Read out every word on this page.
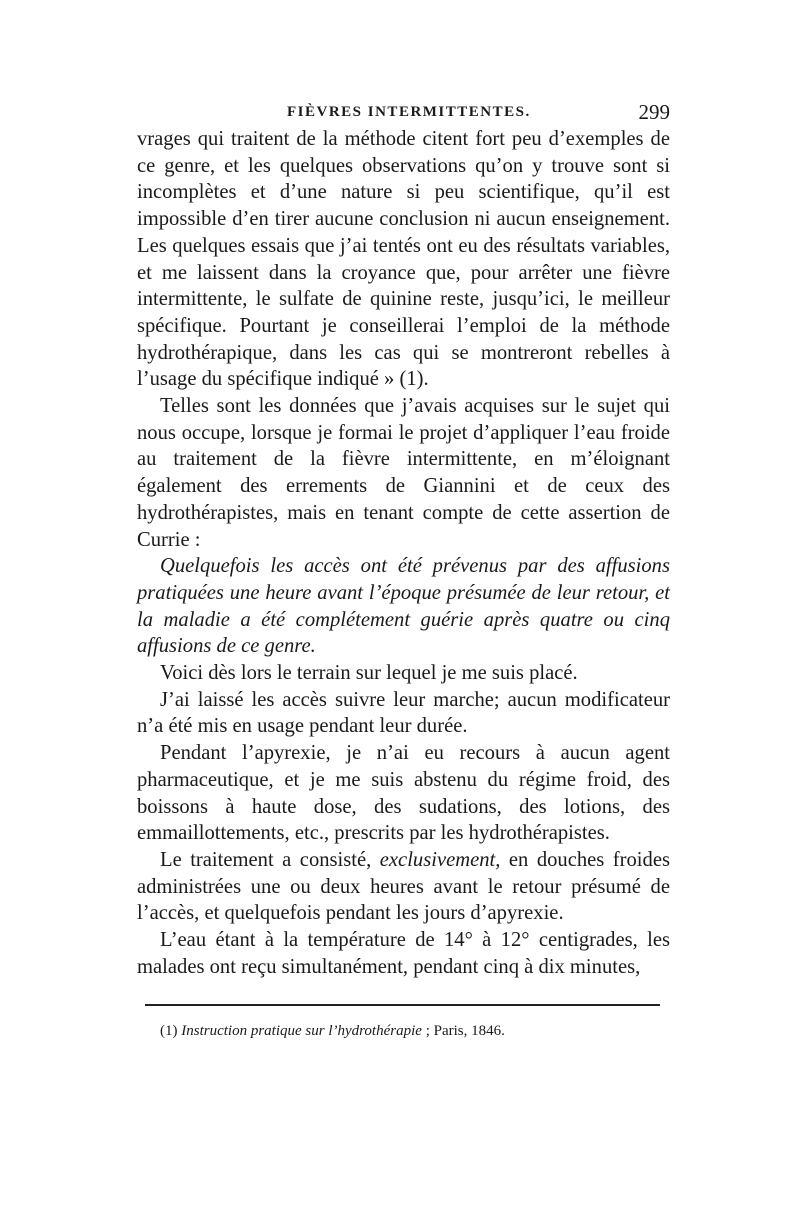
FIÈVRES INTERMITTENTES.	299

vrages qui traitent de la méthode citent fort peu d’exemples de ce genre, et les quelques observations qu’on y trouve sont si incomplètes et d’une nature si peu scientifique, qu’il est impossible d’en tirer aucune conclusion ni aucun enseignement. Les quelques essais que j’ai tentés ont eu des résultats variables, et me laissent dans la croyance que, pour arrêter une fièvre intermittente, le sulfate de quinine reste, jusqu’ici, le meilleur spécifique. Pourtant je conseillerai l’emploi de la méthode hydrothérapique, dans les cas qui se montreront rebelles à l’usage du spécifique indiqué » (1).

Telles sont les données que j’avais acquises sur le sujet qui nous occupe, lorsque je formai le projet d’appliquer l’eau froide au traitement de la fièvre intermittente, en m’éloignant également des errements de Giannini et de ceux des hydrothérapistes, mais en tenant compte de cette assertion de Currie :

Quelquefois les accès ont été prévenus par des affusions pratiquées une heure avant l’époque présumée de leur retour, et la maladie a été complétement guérie après quatre ou cinq affusions de ce genre.

Voici dès lors le terrain sur lequel je me suis placé.

J’ai laissé les accès suivre leur marche; aucun modificateur n’a été mis en usage pendant leur durée.

Pendant l’apyrexie, je n’ai eu recours à aucun agent pharmaceutique, et je me suis abstenu du régime froid, des boissons à haute dose, des sudations, des lotions, des emmaillottements, etc., prescrits par les hydrothérapistes.

Le traitement a consisté, exclusivement, en douches froides administrées une ou deux heures avant le retour présumé de l’accès, et quelquefois pendant les jours d’apyrexie.

L’eau étant à la température de 14° à 12° centigrades, les malades ont reçu simultanément, pendant cinq à dix minutes,

(1) Instruction pratique sur l’hydrothérapie ; Paris, 1846.
